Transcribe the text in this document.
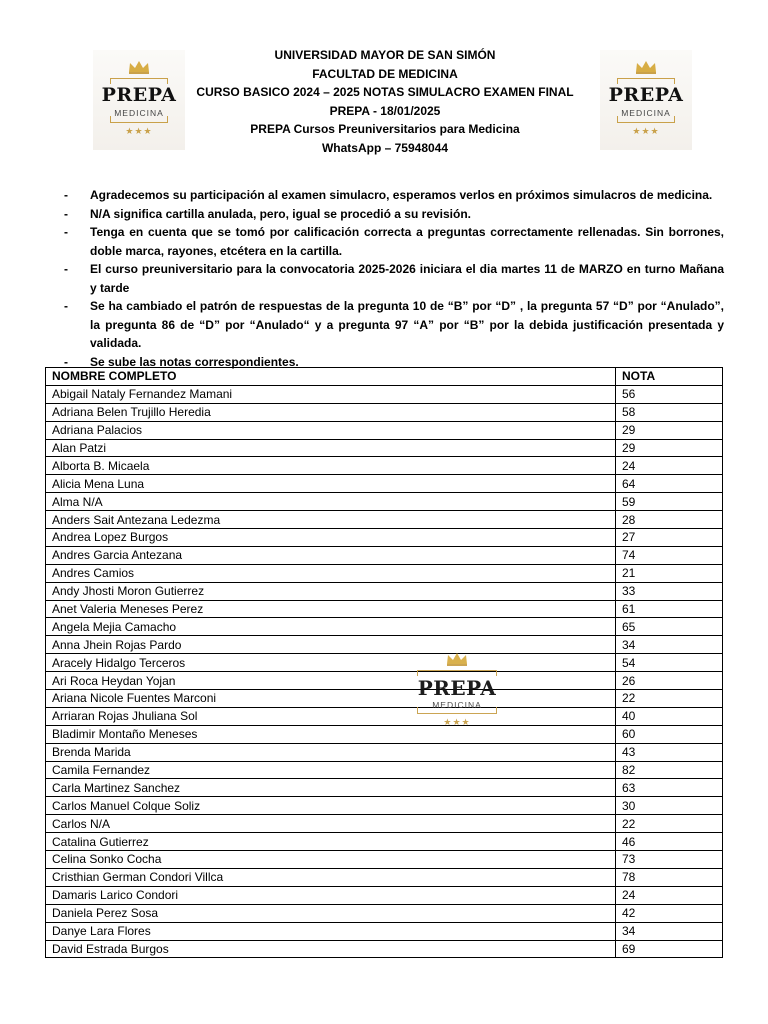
PREPA
MEDICINA
★★★
PREPA
MEDICINA
★★★
UNIVERSIDAD MAYOR DE SAN SIMÓN
FACULTAD DE MEDICINA
CURSO BASICO 2024 – 2025 NOTAS SIMULACRO EXAMEN FINAL
PREPA - 18/01/2025
PREPA Cursos Preuniversitarios para Medicina
WhatsApp – 75948044
- Agradecemos su participación al examen simulacro, esperamos verlos en próximos simulacros de medicina.
- N/A significa cartilla anulada, pero, igual se procedió a su revisión.
- Tenga en cuenta que se tomó por calificación correcta a preguntas correctamente rellenadas. Sin borrones, doble marca, rayones, etcétera en la cartilla.
- El curso preuniversitario para la convocatoria 2025-2026 iniciara el dia martes 11 de MARZO en turno Mañana y tarde
- Se ha cambiado el patrón de respuestas de la pregunta 10 de “B” por “D” , la pregunta 57 “D” por “Anulado”, la pregunta 86 de “D” por “Anulado“ y a pregunta 97 “A” por “B” por la debida justificación presentada y validada.
- Se sube las notas correspondientes.
NOMBRE COMPLETO	NOTA
Abigail Nataly Fernandez Mamani	56
Adriana Belen Trujillo Heredia	58
Adriana Palacios	29
Alan Patzi	29
Alborta B. Micaela	24
Alicia Mena Luna	64
Alma N/A	59
Anders Sait Antezana Ledezma	28
Andrea Lopez Burgos	27
Andres Garcia Antezana	74
Andres Camios	21
Andy Jhosti Moron Gutierrez	33
Anet Valeria Meneses Perez	61
Angela Mejia Camacho	65
Anna Jhein Rojas Pardo	34
Aracely Hidalgo Terceros	54
Ari Roca Heydan Yojan	26
Ariana Nicole Fuentes Marconi	22
Arriaran Rojas Jhuliana Sol	40
Bladimir Montaño Meneses	60
Brenda Marida	43
Camila Fernandez	82
Carla Martinez Sanchez	63
Carlos Manuel Colque Soliz	30
Carlos N/A	22
Catalina Gutierrez	46
Celina Sonko Cocha	73
Cristhian German Condori Villca	78
Damaris Larico Condori	24
Daniela Perez Sosa	42
Danye Lara Flores	34
David Estrada Burgos	69
PREPA
MEDICINA
★★★
